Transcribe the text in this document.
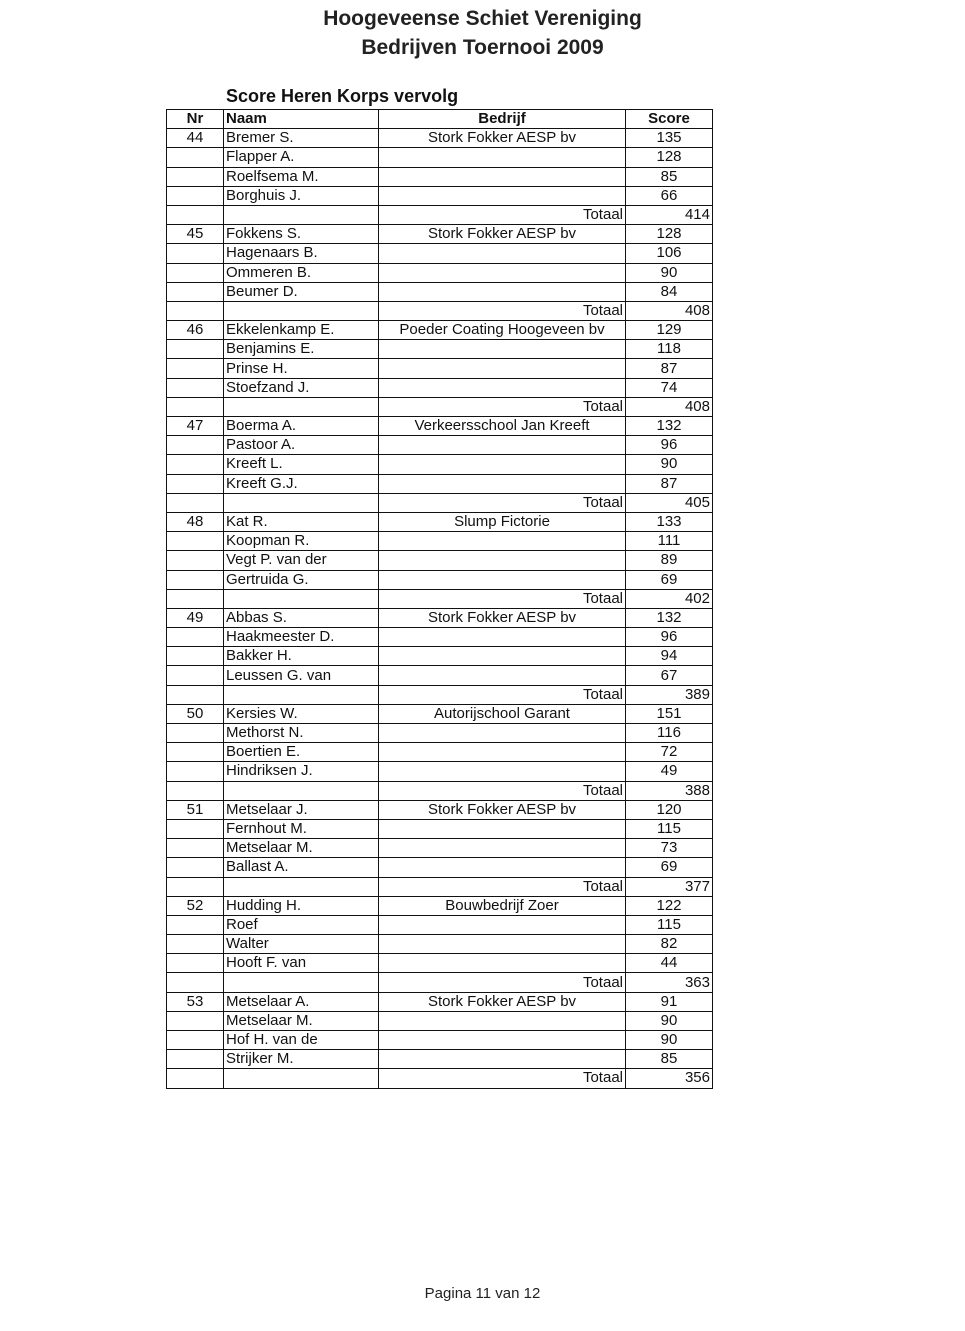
Hoogeveense Schiet Vereniging
Bedrijven Toernooi 2009
Score Heren Korps vervolg
Nr	Naam	Bedrijf	Score
44	Bremer S.	Stork Fokker AESP bv	135
	Flapper A.		128
	Roelfsema M.		85
	Borghuis J.		66
		Totaal	414
45	Fokkens S.	Stork Fokker AESP bv	128
	Hagenaars B.		106
	Ommeren B.		90
	Beumer D.		84
		Totaal	408
46	Ekkelenkamp E.	Poeder Coating Hoogeveen bv	129
	Benjamins E.		118
	Prinse H.		87
	Stoefzand J.		74
		Totaal	408
47	Boerma A.	Verkeersschool Jan Kreeft	132
	Pastoor A.		96
	Kreeft L.		90
	Kreeft G.J.		87
		Totaal	405
48	Kat R.	Slump Fictorie	133
	Koopman R.		111
	Vegt P. van der		89
	Gertruida G.		69
		Totaal	402
49	Abbas S.	Stork Fokker AESP bv	132
	Haakmeester D.		96
	Bakker H.		94
	Leussen G. van		67
		Totaal	389
50	Kersies W.	Autorijschool Garant	151
	Methorst N.		116
	Boertien E.		72
	Hindriksen J.		49
		Totaal	388
51	Metselaar J.	Stork Fokker AESP bv	120
	Fernhout M.		115
	Metselaar M.		73
	Ballast A.		69
		Totaal	377
52	Hudding H.	Bouwbedrijf Zoer	122
	Roef		115
	Walter		82
	Hooft F. van		44
		Totaal	363
53	Metselaar A.	Stork Fokker AESP bv	91
	Metselaar M.		90
	Hof H. van de		90
	Strijker M.		85
		Totaal	356
Pagina 11 van 12
